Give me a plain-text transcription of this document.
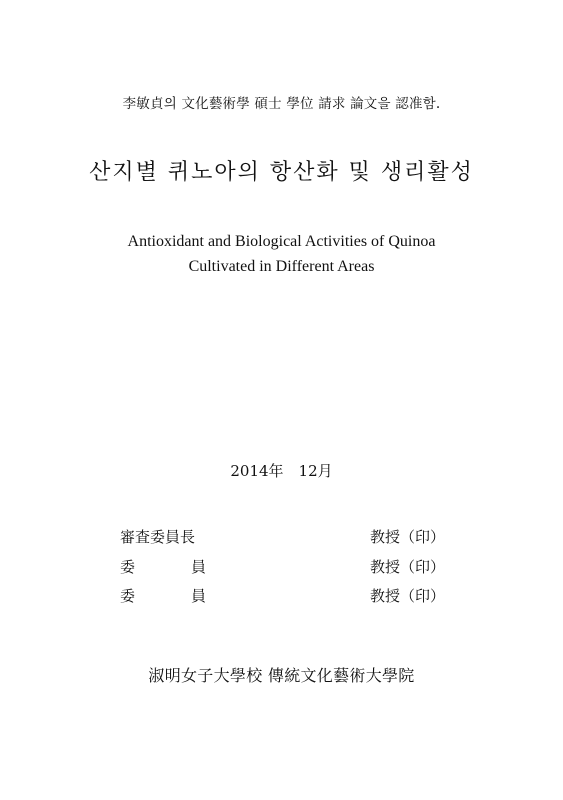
李敏貞의 文化藝術學 碩士 學位 請求 論文을 認准함.
산지별 퀴노아의 항산화 및 생리활성
Antioxidant and Biological Activities of Quinoa
Cultivated in Different Areas
2014年　12月
審査委員長	教授（印）
委	員	教授（印）
委	員	教授（印）
淑明女子大學校 傳統文化藝術大學院
